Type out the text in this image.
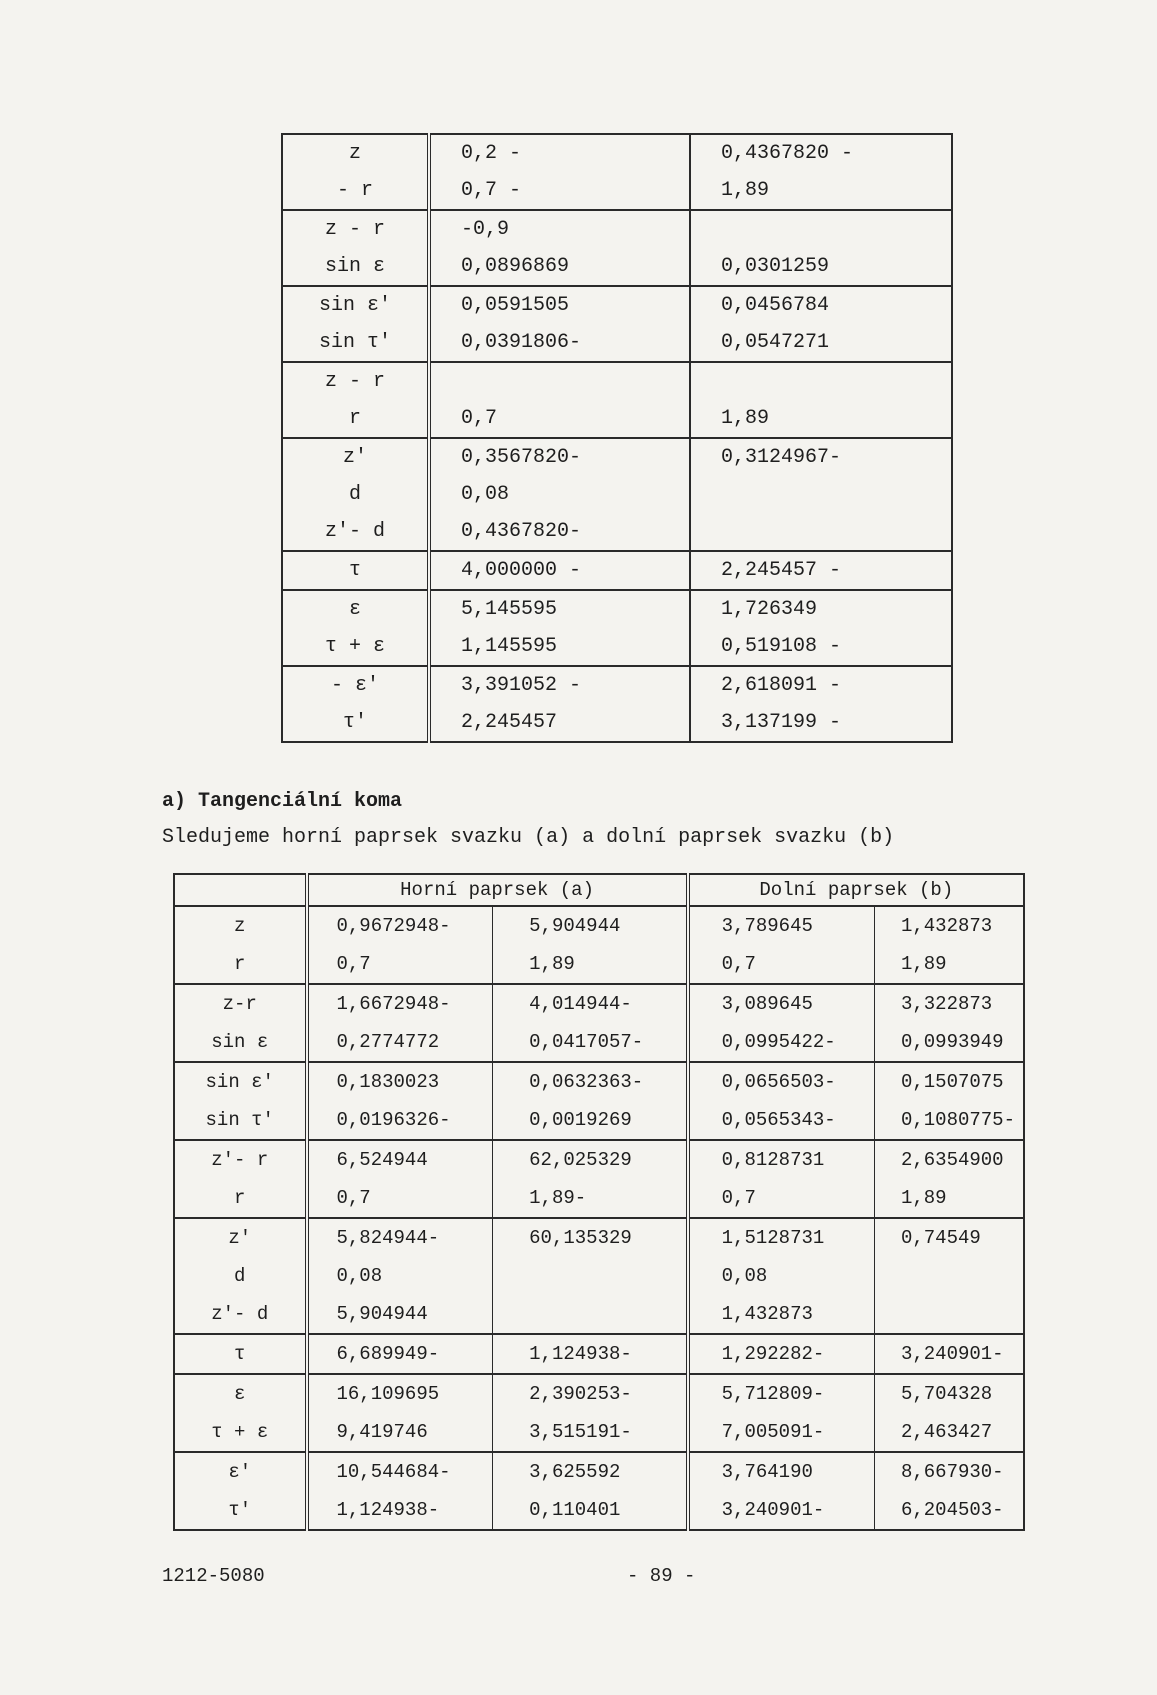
z	0,2 -	0,4367820 -
- r	0,7 -	1,89
z - r	-0,9	
sin ε	0,0896869	0,0301259
sin ε'	0,0591505	0,0456784
sin τ'	0,0391806-	0,0547271
z - r		
r	0,7	1,89
z'	0,3567820-	0,3124967-
d	0,08	
z'- d	0,4367820-	
τ	4,000000 -	2,245457 -
ε	5,145595	1,726349
τ + ε	1,145595	0,519108 -
- ε'	3,391052 -	2,618091 -
τ'	2,245457	3,137199 -
a) Tangenciální koma
Sledujeme horní paprsek svazku (a) a dolní paprsek svazku (b)
	Horní paprsek (a)		Dolní paprsek (b)	
z	0,9672948-	5,904944	3,789645	1,432873
r	0,7	1,89	0,7	1,89
z-r	1,6672948-	4,014944-	3,089645	3,322873
sin ε	0,2774772	0,0417057-	0,0995422-	0,0993949
sin ε'	0,1830023	0,0632363-	0,0656503-	0,1507075
sin τ'	0,0196326-	0,0019269	0,0565343-	0,1080775-
z'- r	6,524944	62,025329	0,8128731	2,6354900
r	0,7	1,89-	0,7	1,89
z'	5,824944-	60,135329	1,5128731	0,74549
d	0,08		0,08	
z'- d	5,904944		1,432873	
τ	6,689949-	1,124938-	1,292282-	3,240901-
ε	16,109695	2,390253-	5,712809-	5,704328
τ + ε	9,419746	3,515191-	7,005091-	2,463427
ε'	10,544684-	3,625592	3,764190	8,667930-
τ'	1,124938-	0,110401	3,240901-	6,204503-
1212-5080	- 89 -
